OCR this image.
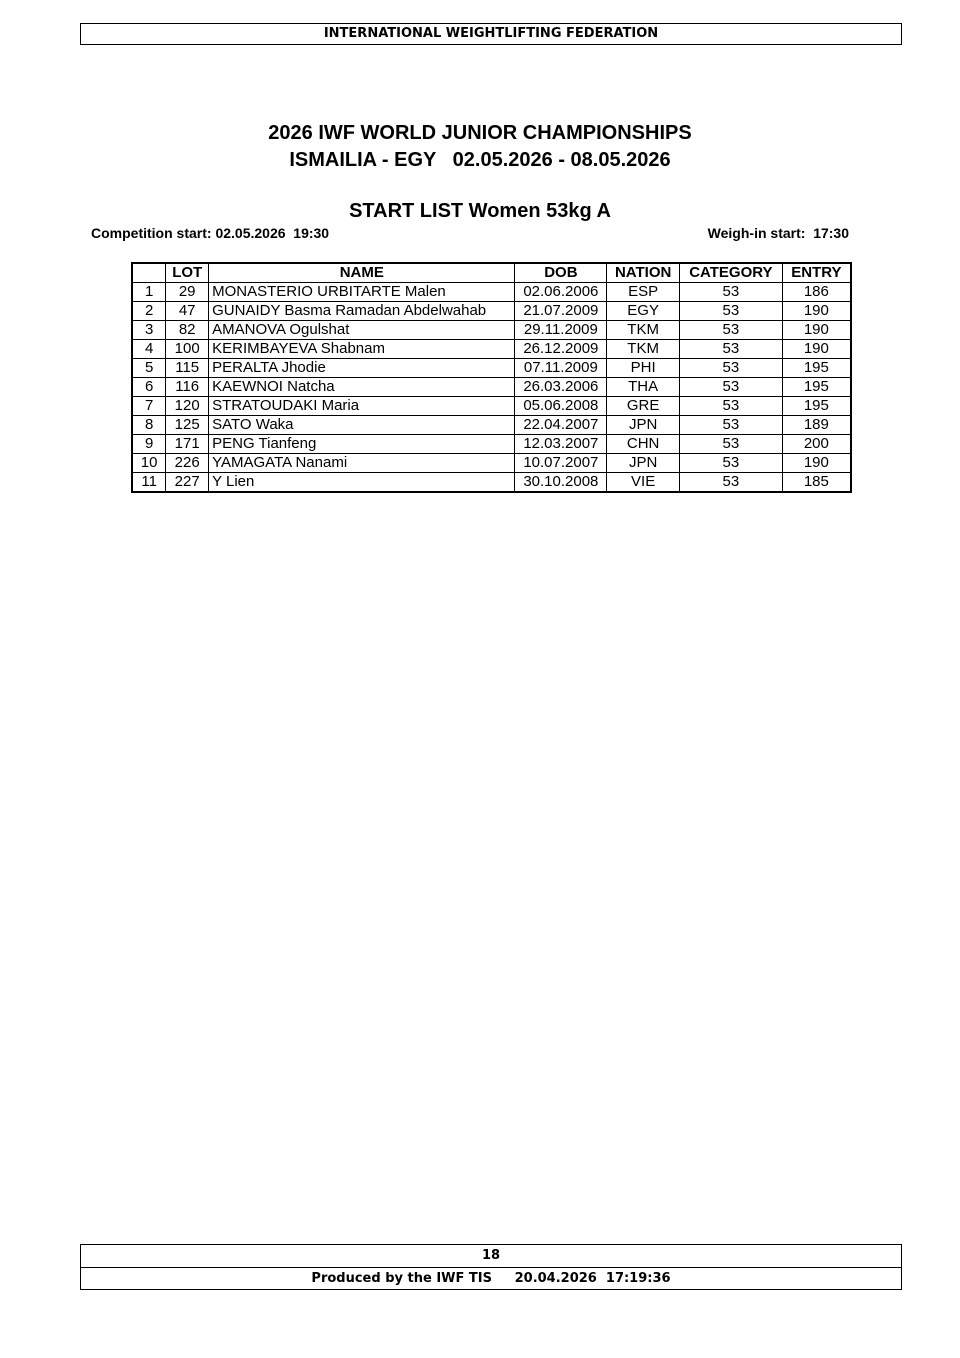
INTERNATIONAL WEIGHTLIFTING FEDERATION
2026 IWF WORLD JUNIOR CHAMPIONSHIPS
ISMAILIA - EGY   02.05.2026 - 08.05.2026
START LIST Women 53kg A
Competition start: 02.05.2026  19:30	Weigh-in start:  17:30
	LOT	NAME	DOB	NATION	CATEGORY	ENTRY
1	29	MONASTERIO URBITARTE Malen	02.06.2006	ESP	53	186
2	47	GUNAIDY Basma Ramadan Abdelwahab	21.07.2009	EGY	53	190
3	82	AMANOVA Ogulshat	29.11.2009	TKM	53	190
4	100	KERIMBAYEVA Shabnam	26.12.2009	TKM	53	190
5	115	PERALTA Jhodie	07.11.2009	PHI	53	195
6	116	KAEWNOI Natcha	26.03.2006	THA	53	195
7	120	STRATOUDAKI Maria	05.06.2008	GRE	53	195
8	125	SATO Waka	22.04.2007	JPN	53	189
9	171	PENG Tianfeng	12.03.2007	CHN	53	200
10	226	YAMAGATA Nanami	10.07.2007	JPN	53	190
11	227	Y Lien	30.10.2008	VIE	53	185
18
Produced by the IWF TIS     20.04.2026  17:19:36
